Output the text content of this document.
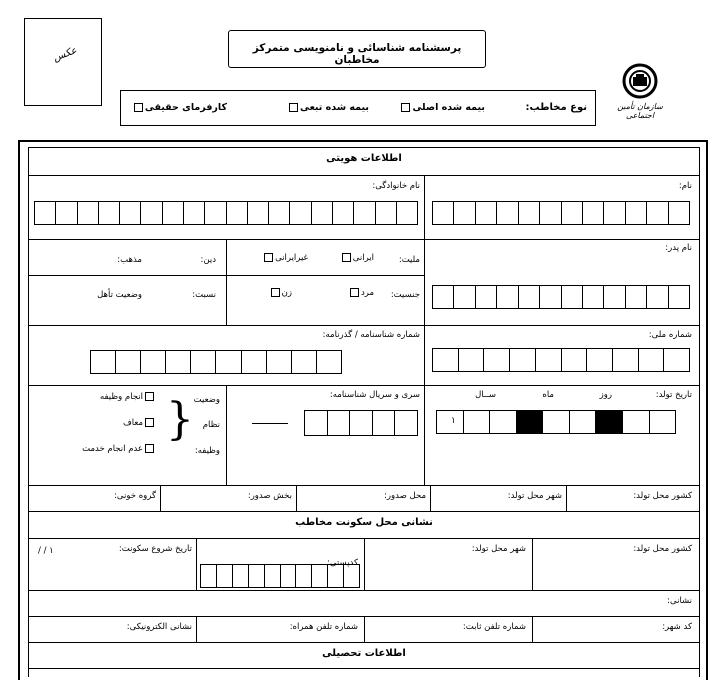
عکس	پرسشنامه شناسائی و نامنویسی متمرکز مخاطبان
سازمان تأمین اجتماعی
نوع مخاطب:
بیمه شده اصلی
بیمه شده تبعی
کارفرمای حقیقی
اطلاعات هویتی
نام:
نام خانوادگی:
نام پدر:
ملیت:
ایرانی
غیرایرانی
دین:
مذهب:
جنسیت:
مرد
زن
نسبت:
وضعیت تأهل
شماره ملی:
شماره شناسنامه / گذرنامه:
تاریخ تولد:
روز
ماه
ســال
۱
سری و سریال شناسنامه:
وضعیت
نظام
وظیفه:
}
انجام وظیفه
معاف
عدم انجام خدمت
کشور محل تولد:
شهر محل تولد:
محل صدور:
بخش صدور:
گروه خونی:
نشانی محل سکونت مخاطب
کشور محل تولد:
شهر محل تولد:
کدپستی:
تاریخ شروع سکونت:
/ / ۱
نشانی:
کد شهر:
شماره تلفن ثابت:
شماره تلفن همراه:
نشانی الکترونیکی:
اطلاعات تحصیلی
